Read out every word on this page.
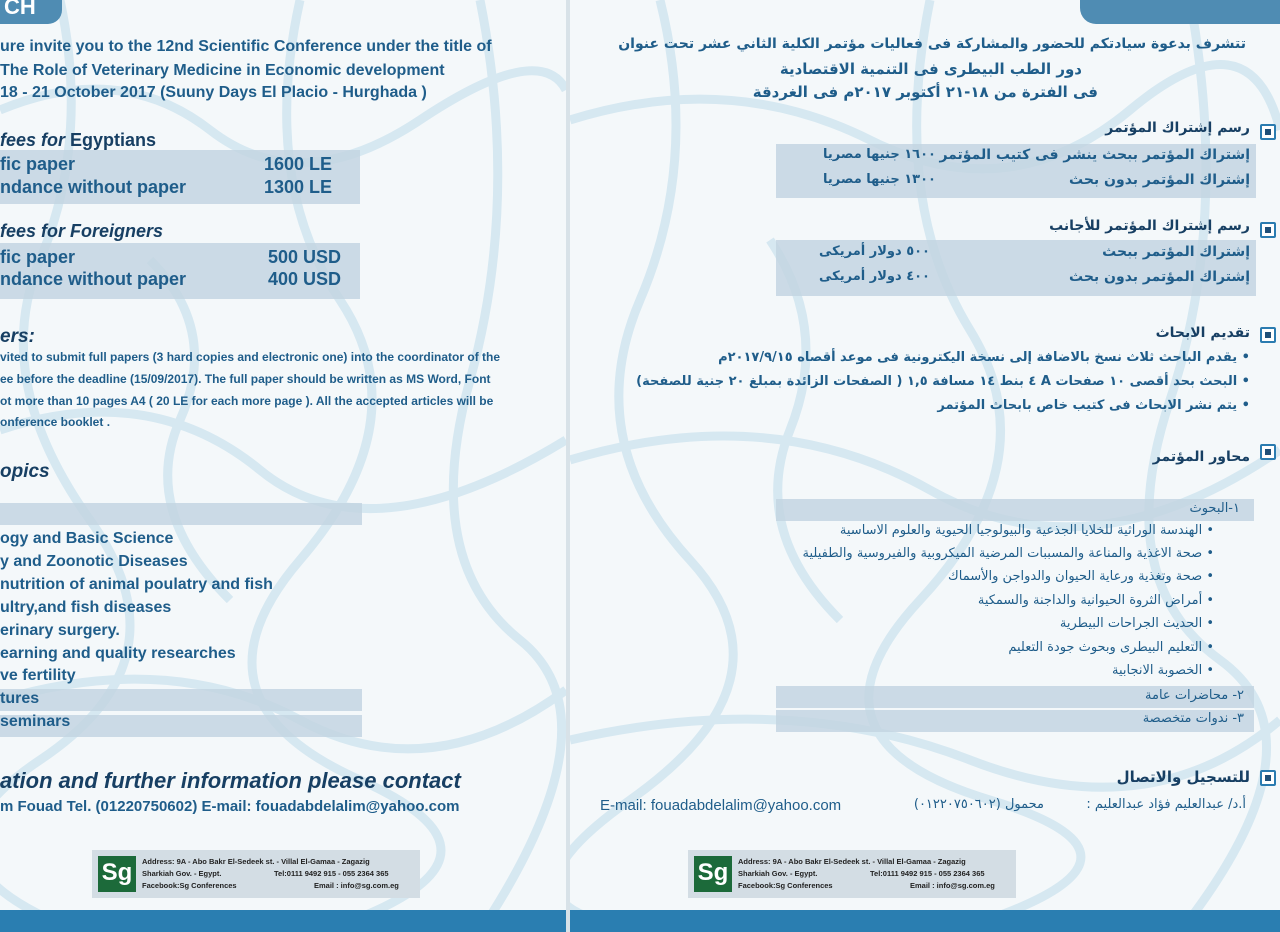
CH
ure invite you to the 12nd Scientific Conference under the title of
The Role of Veterinary Medicine in Economic development
18 - 21 October 2017 (Suuny Days El Placio - Hurghada )
fees for Egyptians
fic paper	1600 LE
ndance without paper	1300 LE
fees for Foreigners
fic paper	500 USD
ndance without paper	400 USD
ers:
vited to submit full papers (3 hard copies and electronic one) into the coordinator of the
ee before the deadline (15/09/2017). The full paper should be written as MS Word, Font
ot more than 10 pages A4 ( 20 LE for each more page ). All the accepted articles will be
onference booklet .
opics
ogy and Basic Science
y and Zoonotic Diseases
nutrition of animal poulatry and fish
ultry,and fish diseases
erinary surgery.
earning and quality researches
ve fertility
tures
seminars
ation and further information please contact
m Fouad Tel. (01220750602) E-mail: fouadabdelalim@yahoo.com
Sg	Address: 9A - Abo Bakr El-Sedeek st. - Villal El-Gamaa - Zagazig
Sharkiah Gov. - Egypt.	Tel:0111 9492 915 - 055 2364 365
Facebook:Sg Conferences	Email : info@sg.com.eg
تتشرف بدعوة سيادتكم للحضور والمشاركة فى فعاليات مؤتمر الكلية الثاني عشر تحت عنوان
دور الطب البيطرى فى التنمية الاقتصادية
فى الفترة من ١٨-٢١ أكتوبر ٢٠١٧م فى الغردقة
رسم إشتراك المؤتمر
إشتراك المؤتمر ببحث ينشر فى كتيب المؤتمر
١٦٠٠ جنيها مصريا
إشتراك المؤتمر بدون بحث
١٣٠٠ جنيها مصريا
رسم إشتراك المؤتمر للأجانب
إشتراك المؤتمر ببحث
٥٠٠ دولار أمريكى
إشتراك المؤتمر بدون بحث
٤٠٠ دولار أمريكى
تقديم الابحاث
• يقدم الباحث ثلاث نسخ بالاضافة إلى نسخة اليكترونية فى موعد أقصاه ٢٠١٧/٩/١٥م
• البحث بحد أقصى ١٠ صفحات A ٤ بنط ١٤ مسافة ١,٥ ( الصفحات الزائدة بمبلغ ٢٠ جنية للصفحة)
• يتم نشر الابحاث فى كتيب خاص بابحاث المؤتمر
محاور المؤتمر
١-البحوث
• الهندسة الوراثية للخلايا الجذعية والبيولوجيا الحيوية والعلوم الاساسية
• صحة الاغذية والمناعة والمسببات المرضية الميكروبية والفيروسية والطفيلية
• صحة وتغذية ورعاية الحيوان والدواجن والأسماك
• أمراض الثروة الحيوانية والداجنة والسمكية
• الحديث الجراحات البيطرية
• التعليم البيطرى وبحوث جودة التعليم
• الخصوبة الانجابية
٢- محاضرات عامة
٣- ندوات متخصصة
للتسجيل والاتصال
أ.د/ عبدالعليم فؤاد عبدالعليم :
محمول (٠١٢٢٠٧٥٠٦٠٢)
E-mail: fouadabdelalim@yahoo.com
Sg	Address: 9A - Abo Bakr El-Sedeek st. - Villal El-Gamaa - Zagazig
Sharkiah Gov. - Egypt.	Tel:0111 9492 915 - 055 2364 365
Facebook:Sg Conferences	Email : info@sg.com.eg
